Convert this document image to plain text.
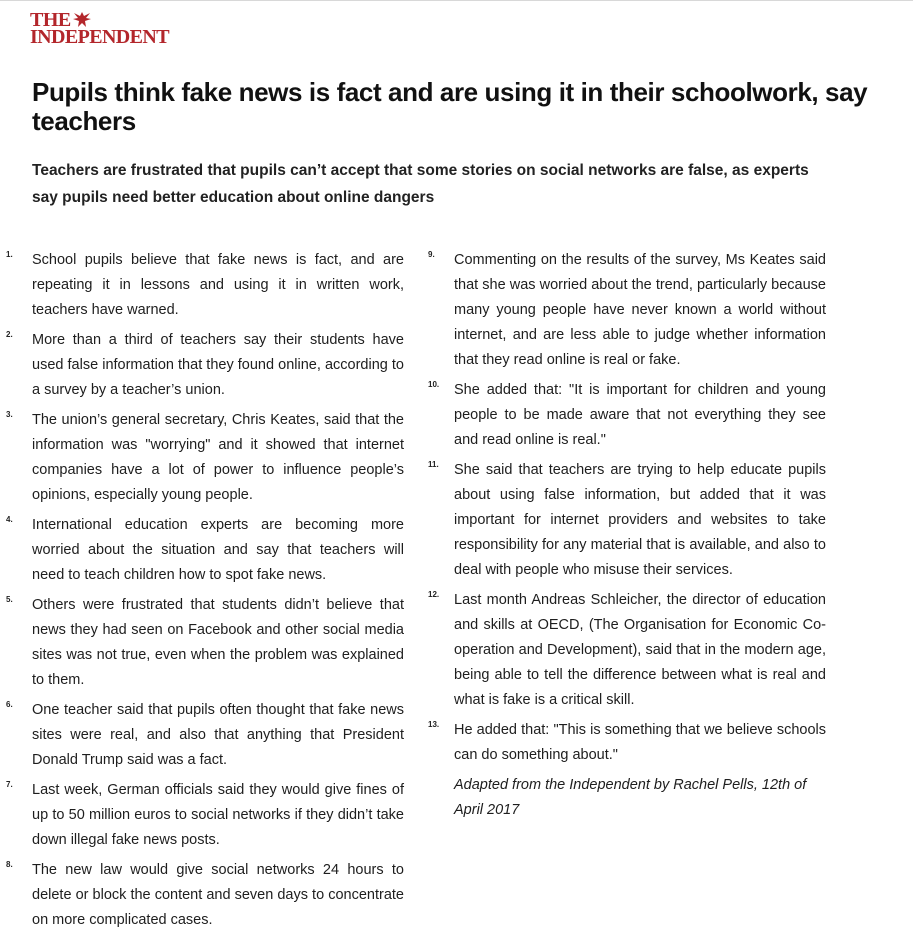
THE
INDEPENDENT
Pupils think fake news is fact and are using it in their schoolwork, say teachers
Teachers are frustrated that pupils can’t accept that some stories on social networks are false, as experts say pupils need better education about online dangers
1. School pupils believe that fake news is fact, and are repeating it in lessons and using it in written work, teachers have warned.
2. More than a third of teachers say their students have used false information that they found online, according to a survey by a teacher’s union.
3. The union’s general secretary, Chris Keates, said that the information was "worrying" and it showed that internet companies have a lot of power to influence people’s opinions, especially young people.
4. International education experts are becoming more worried about the situation and say that teachers will need to teach children how to spot fake news.
5. Others were frustrated that students didn’t believe that news they had seen on Facebook and other social media sites was not true, even when the problem was explained to them.
6. One teacher said that pupils often thought that fake news sites were real, and also that anything that President Donald Trump said was a fact.
7. Last week, German officials said they would give fines of up to 50 million euros to social networks if they didn’t take down illegal fake news posts.
8. The new law would give social networks 24 hours to delete or block the content and seven days to concentrate on more complicated cases.
9. Commenting on the results of the survey, Ms Keates said that she was worried about the trend, particularly because many young people have never known a world without internet, and are less able to judge whether information that they read online is real or fake.
10. She added that: "It is important for children and young people to be made aware that not everything they see and read online is real."
11. She said that teachers are trying to help educate pupils about using false information, but added that it was important for internet providers and websites to take responsibility for any material that is available, and also to deal with people who misuse their services.
12. Last month Andreas Schleicher, the director of education and skills at OECD, (The Organisation for Economic Co-operation and Development), said that in the modern age, being able to tell the difference between what is real and what is fake is a critical skill.
13. He added that: "This is something that we believe schools can do something about."
Adapted from the Independent by Rachel Pells, 12th of April 2017
